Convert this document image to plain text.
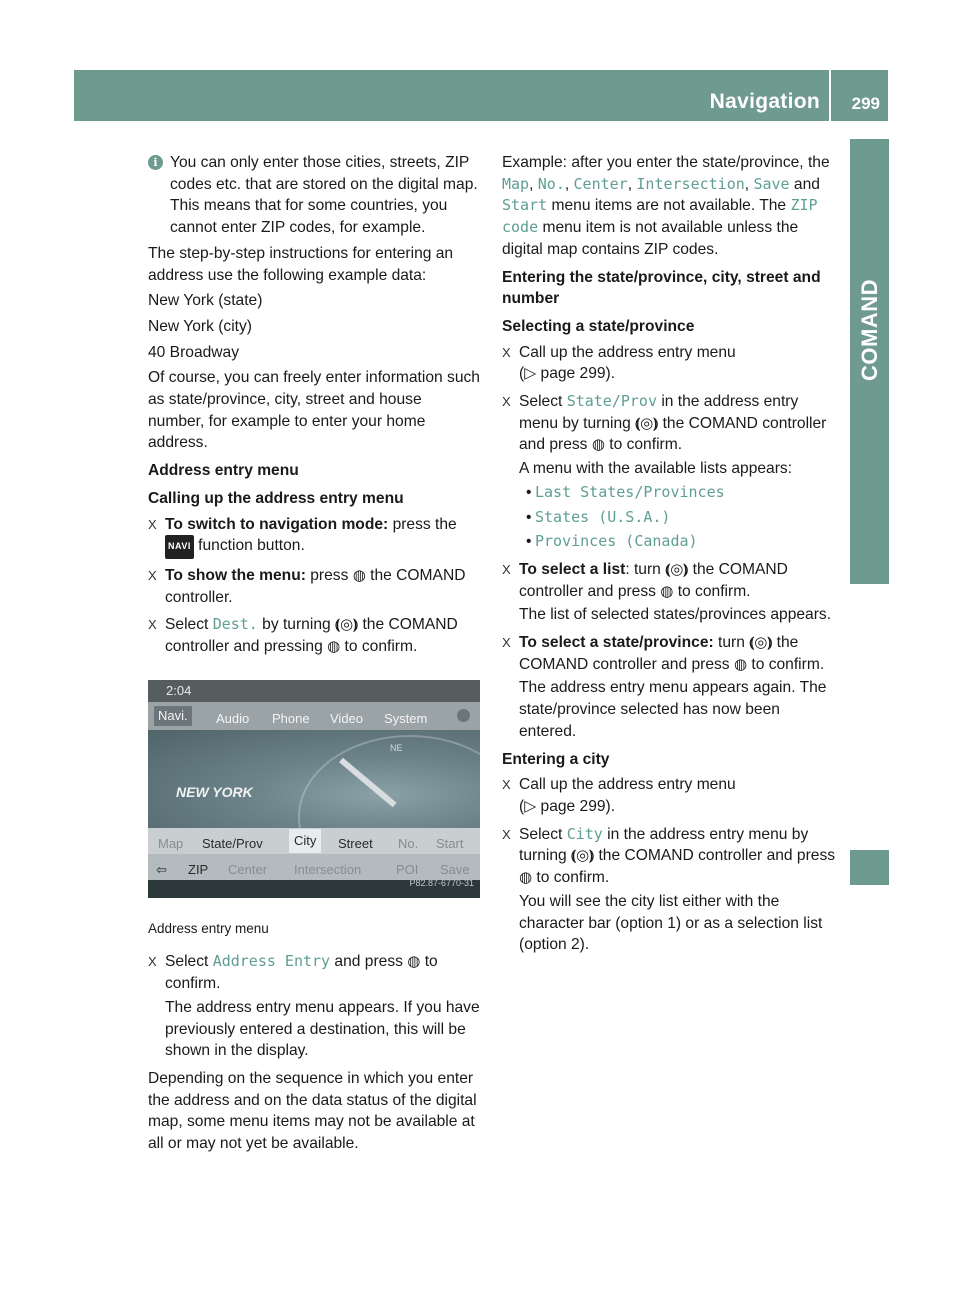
Navigation 299
COMAND
i You can only enter those cities, streets, ZIP codes etc. that are stored on the digital map. This means that for some countries, you cannot enter ZIP codes, for example.

The step-by-step instructions for entering an address use the following example data:

New York (state)

New York (city)

40 Broadway

Of course, you can freely enter information such as state/province, city, street and house number, for example to enter your home address.

Address entry menu
Calling up the address entry menu
X To switch to navigation mode: press the
NAVI function button.
X To show the menu: press ◍ the COMAND controller.
X Select Dest. by turning ⦅◎⦆ the COMAND controller and pressing ◍ to confirm.
2:04
Navi.	Audio Phone Video System
NE
NEW YORK
Map State/Prov	City	Street No. Start
⇦ ZIP Center Intersection	POI Save
P82.87-6770-31
Address entry menu
X Select Address Entry and press ◍ to confirm.
The address entry menu appears. If you have previously entered a destination, this will be shown in the display.

Depending on the sequence in which you enter the address and on the data status of the digital map, some menu items may not be available at all or may not yet be available.

Example: after you enter the state/province, the Map, No., Center, Intersection, Save and Start menu items are not available. The ZIP code menu item is not available unless the digital map contains ZIP codes.

Entering the state/province, city, street and number
Selecting a state/province
X Call up the address entry menu
(▷ page 299).
X Select State/Prov in the address entry menu by turning ⦅◎⦆ the COMAND controller and press ◍ to confirm.
A menu with the available lists appears:
• Last States/Provinces
• States (U.S.A.)
• Provinces (Canada)
X To select a list: turn ⦅◎⦆ the COMAND controller and press ◍ to confirm.
The list of selected states/provinces appears.
X To select a state/province: turn ⦅◎⦆ the COMAND controller and press ◍ to confirm.
The address entry menu appears again. The state/province selected has now been entered.
Entering a city
X Call up the address entry menu
(▷ page 299).
X Select City in the address entry menu by turning ⦅◎⦆ the COMAND controller and press ◍ to confirm.
You will see the city list either with the character bar (option 1) or as a selection list (option 2).
